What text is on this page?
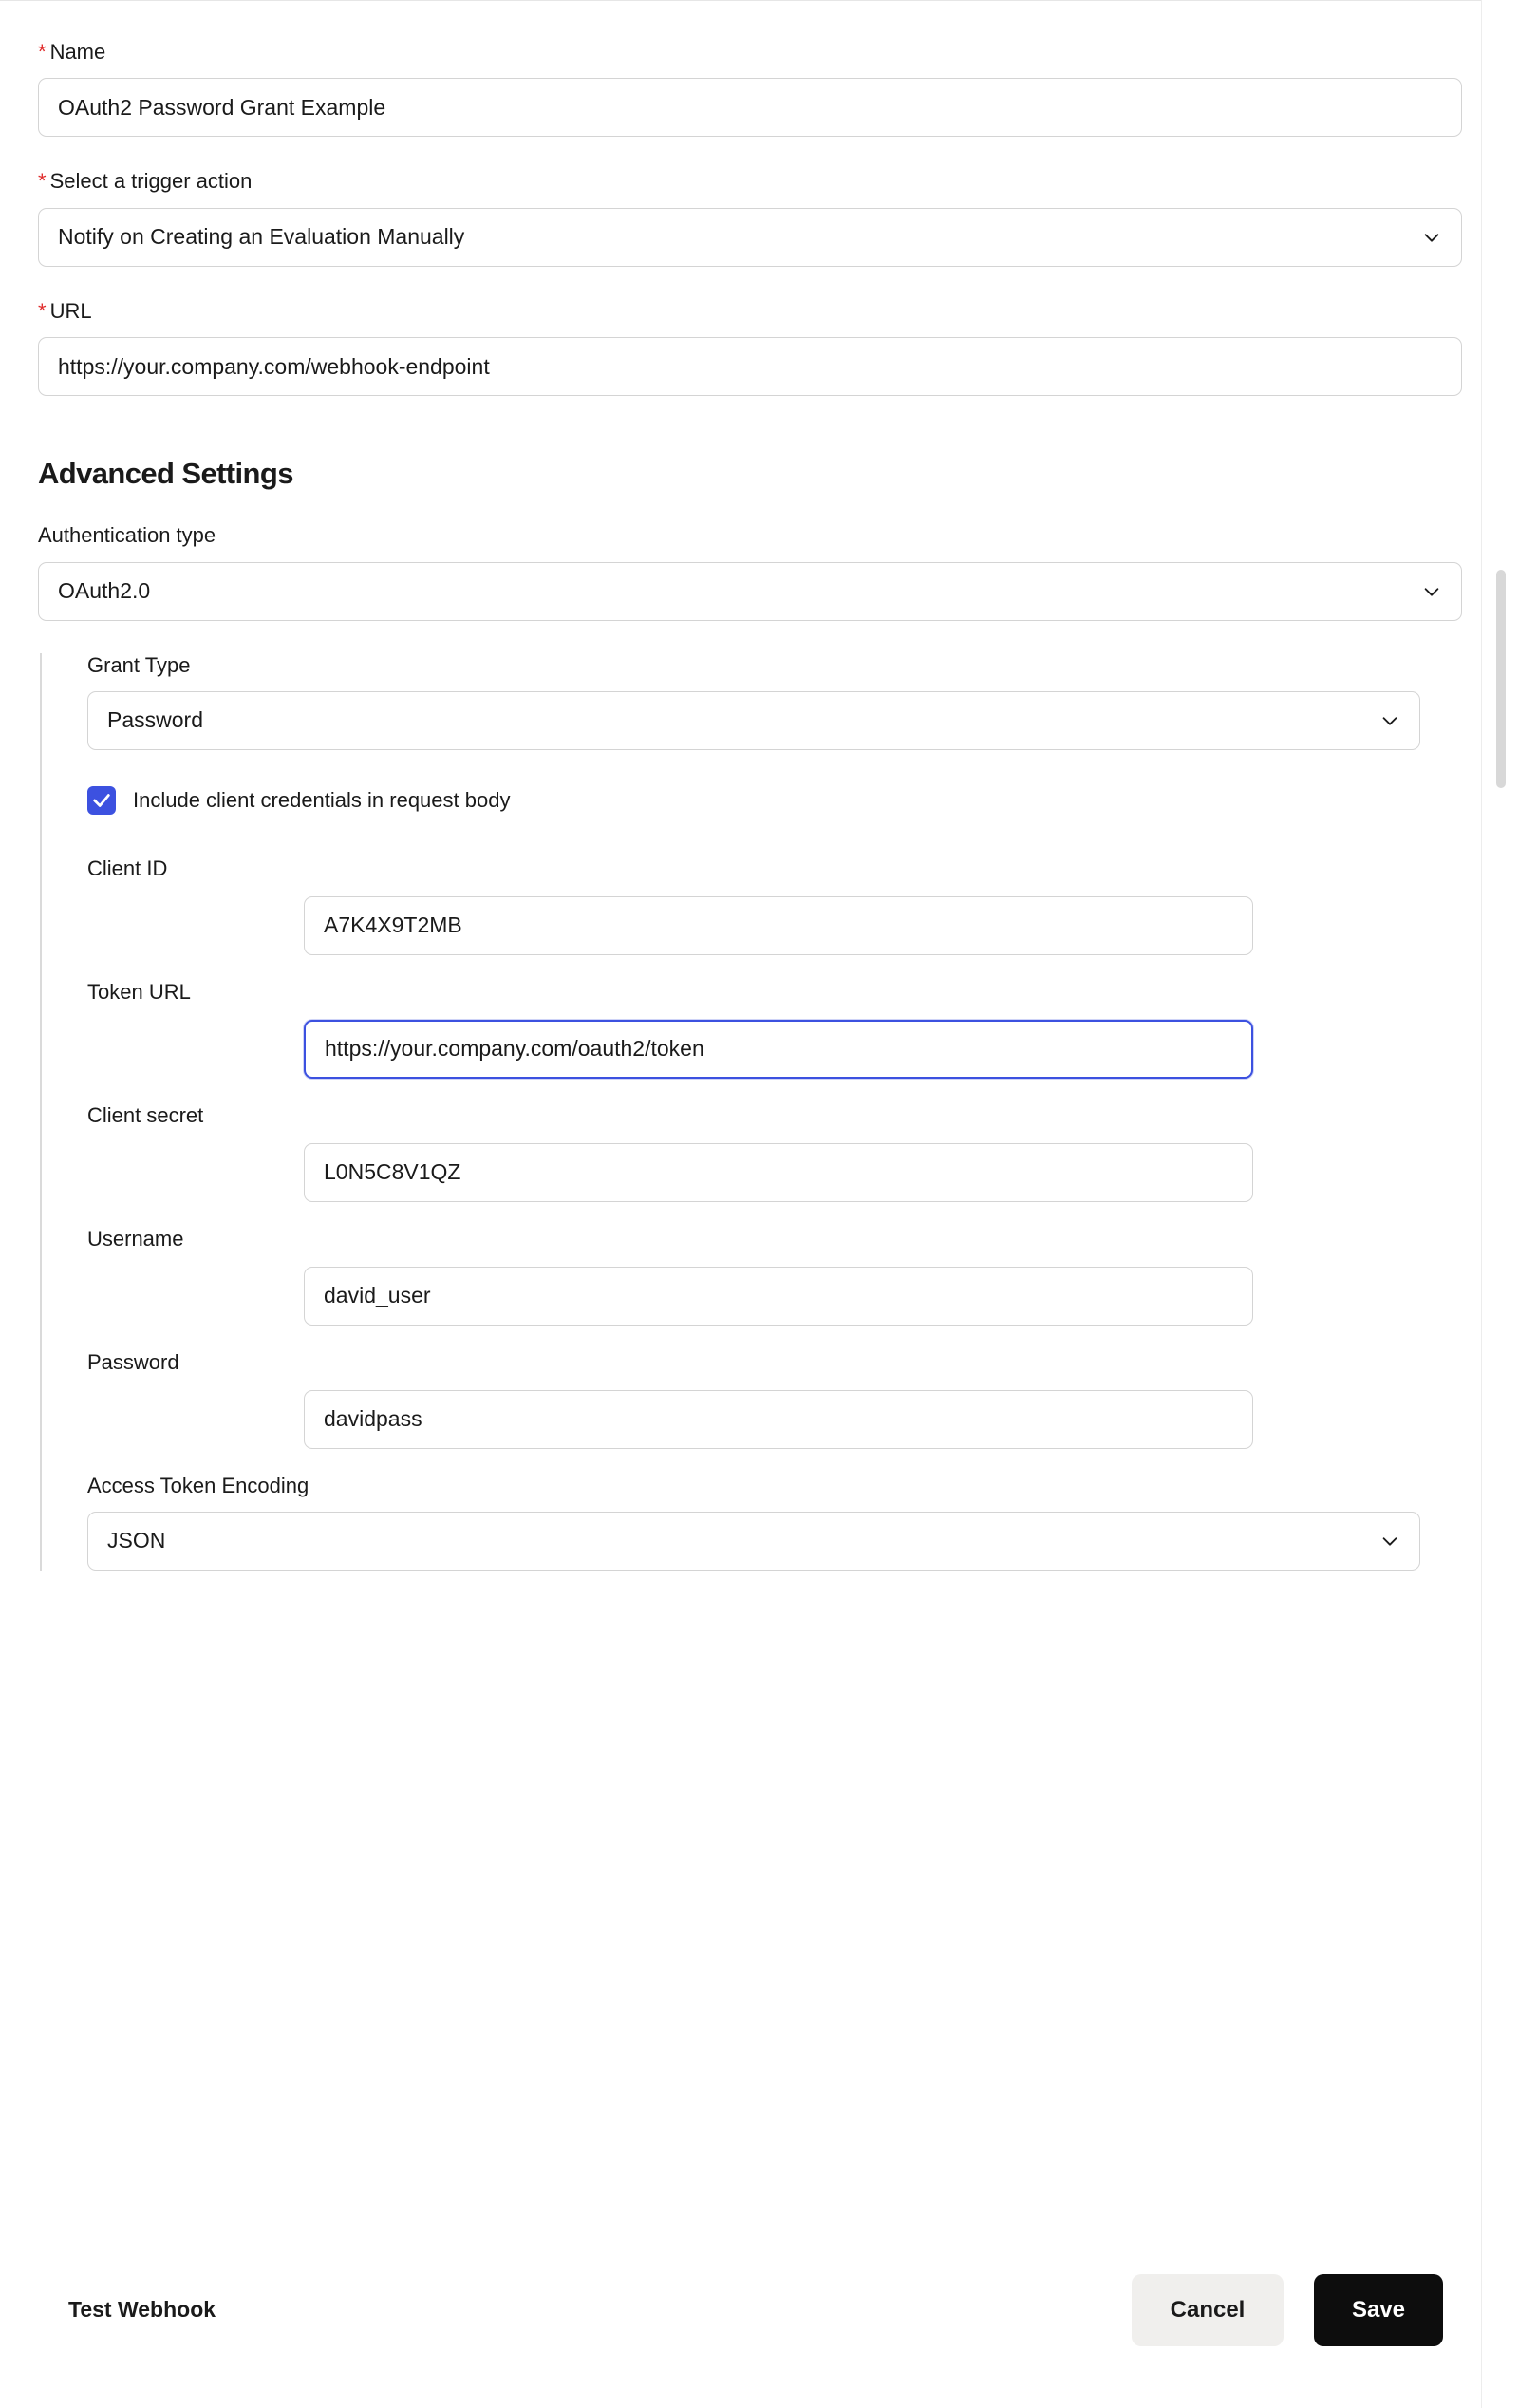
* Name
OAuth2 Password Grant Example
* Select a trigger action
Notify on Creating an Evaluation Manually
* URL
https://your.company.com/webhook-endpoint
Advanced Settings
Authentication type
OAuth2.0
Grant Type
Password
Include client credentials in request body
Client ID
A7K4X9T2MB
Token URL
https://your.company.com/oauth2/token
Client secret
L0N5C8V1QZ
Username
david_user
Password
davidpass
Access Token Encoding
JSON
Test Webhook	Cancel	Save
